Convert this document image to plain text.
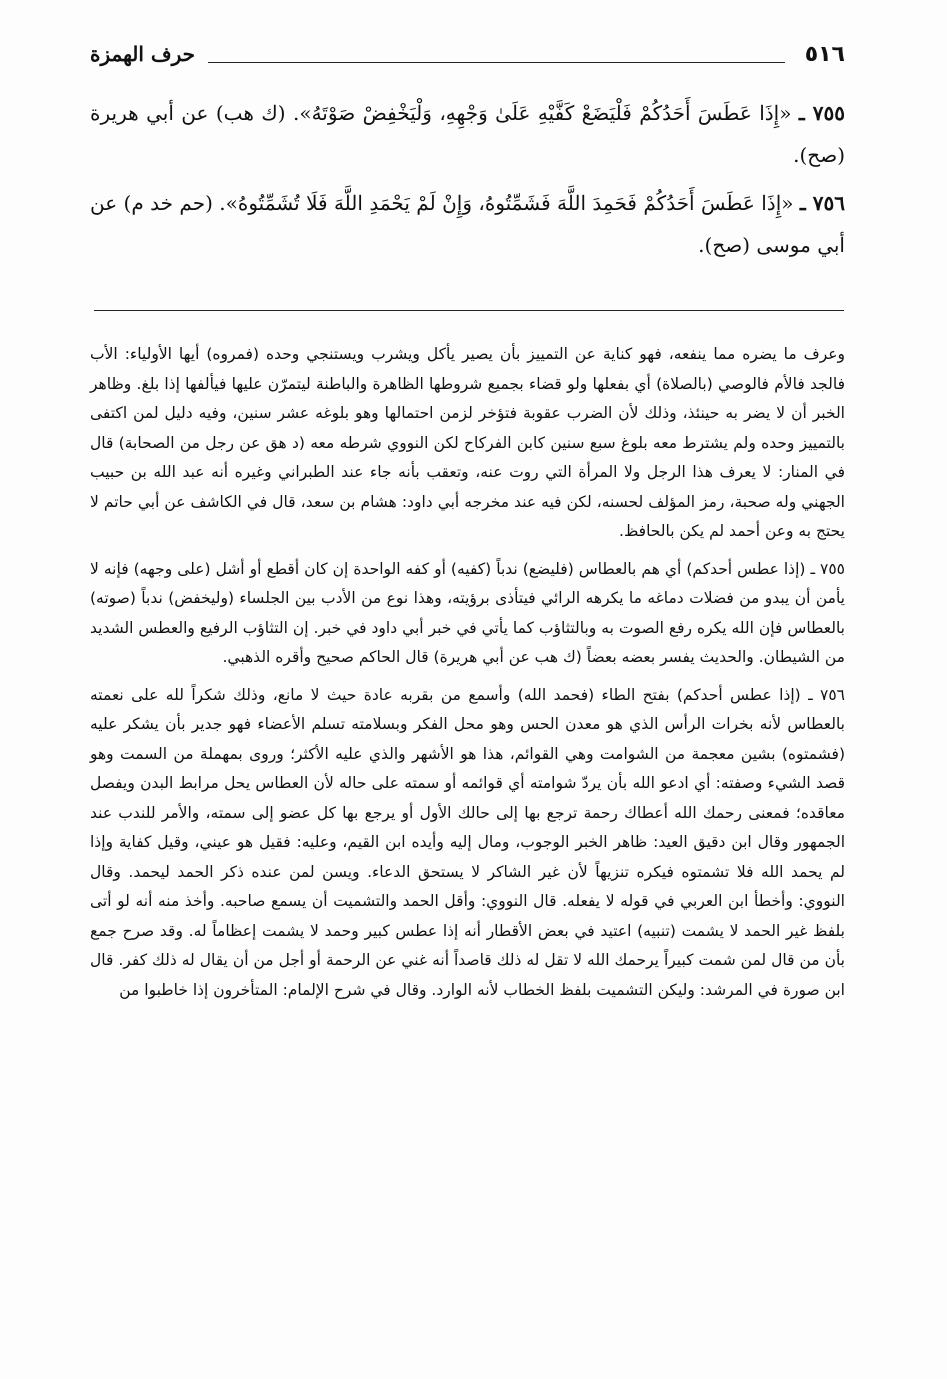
٥١٦
حرف الهمزة

٧٥٥ ـ «إِذَا عَطَسَ أَحَدُكُمْ فَلْيَضَعْ كَفَّيْهِ عَلَىٰ وَجْهِهِ، وَلْيَخْفِضْ صَوْتَهُ». (ك هب) عن أبي هريرة (صح).

٧٥٦ ـ «إِذَا عَطَسَ أَحَدُكُمْ فَحَمِدَ اللَّهَ فَشَمِّتُوهُ، وَإِنْ لَمْ يَحْمَدِ اللَّهَ فَلَا تُشَمِّتُوهُ». (حم خد م) عن أبي موسى (صح).

وعرف ما يضره مما ينفعه، فهو كناية عن التمييز بأن يصير يأكل ويشرب ويستنجي وحده (فمروه) أيها الأولياء: الأب فالجد فالأم فالوصي (بالصلاة) أي بفعلها ولو قضاء بجميع شروطها الظاهرة والباطنة ليتمرّن عليها فيألفها إذا بلغ. وظاهر الخبر أن لا يضر به حينئذ، وذلك لأن الضرب عقوبة فتؤخر لزمن احتمالها وهو بلوغه عشر سنين، وفيه دليل لمن اكتفى بالتمييز وحده ولم يشترط معه بلوغ سبع سنين كابن الفركاح لكن النووي شرطه معه (د هق عن رجل من الصحابة) قال في المنار: لا يعرف هذا الرجل ولا المرأة التي روت عنه، وتعقب بأنه جاء عند الطبراني وغيره أنه عبد الله بن حبيب الجهني وله صحبة، رمز المؤلف لحسنه، لكن فيه عند مخرجه أبي داود: هشام بن سعد، قال في الكاشف عن أبي حاتم لا يحتج به وعن أحمد لم يكن بالحافظ.

٧٥٥ ـ (إذا عطس أحدكم) أي هم بالعطاس (فليضع) ندباً (كفيه) أو كفه الواحدة إن كان أقطع أو أشل (على وجهه) فإنه لا يأمن أن يبدو من فضلات دماغه ما يكرهه الرائي فيتأذى برؤيته، وهذا نوع من الأدب بين الجلساء (وليخفض) ندباً (صوته) بالعطاس فإن الله يكره رفع الصوت به وبالتثاؤب كما يأتي في خبر أبي داود في خبر. إن التثاؤب الرفيع والعطس الشديد من الشيطان. والحديث يفسر بعضه بعضاً (ك هب عن أبي هريرة) قال الحاكم صحيح وأقره الذهبي.

٧٥٦ ـ (إذا عطس أحدكم) بفتح الطاء (فحمد الله) وأسمع من بقربه عادة حيث لا مانع، وذلك شكراً لله على نعمته بالعطاس لأنه بخرات الرأس الذي هو معدن الحس وهو محل الفكر وبسلامته تسلم الأعضاء فهو جدير بأن يشكر عليه (فشمتوه) بشين معجمة من الشوامت وهي القوائم، هذا هو الأشهر والذي عليه الأكثر؛ وروى بمهملة من السمت وهو قصد الشيء وصفته: أي ادعو الله بأن يردّ شوامته أي قوائمه أو سمته على حاله لأن العطاس يحل مرابط البدن ويفصل معاقده؛ فمعنى رحمك الله أعطاك رحمة ترجع بها إلى حالك الأول أو يرجع بها كل عضو إلى سمته، والأمر للندب عند الجمهور وقال ابن دقيق العيد: ظاهر الخبر الوجوب، ومال إليه وأيده ابن القيم، وعليه: فقيل هو عيني، وقيل كفاية وإذا لم يحمد الله فلا تشمتوه فيكره تنزيهاً لأن غير الشاكر لا يستحق الدعاء. ويسن لمن عنده ذكر الحمد ليحمد. وقال النووي: وأخطأ ابن العربي في قوله لا يفعله. قال النووي: وأقل الحمد والتشميت أن يسمع صاحبه. وأخذ منه أنه لو أتى بلفظ غير الحمد لا يشمت (تنبيه) اعتيد في بعض الأقطار أنه إذا عطس كبير وحمد لا يشمت إعظاماً له. وقد صرح جمع بأن من قال لمن شمت كبيراً يرحمك الله لا تقل له ذلك قاصداً أنه غني عن الرحمة أو أجل من أن يقال له ذلك كفر. قال ابن صورة في المرشد: وليكن التشميت بلفظ الخطاب لأنه الوارد. وقال في شرح الإلمام: المتأخرون إذا خاطبوا من
